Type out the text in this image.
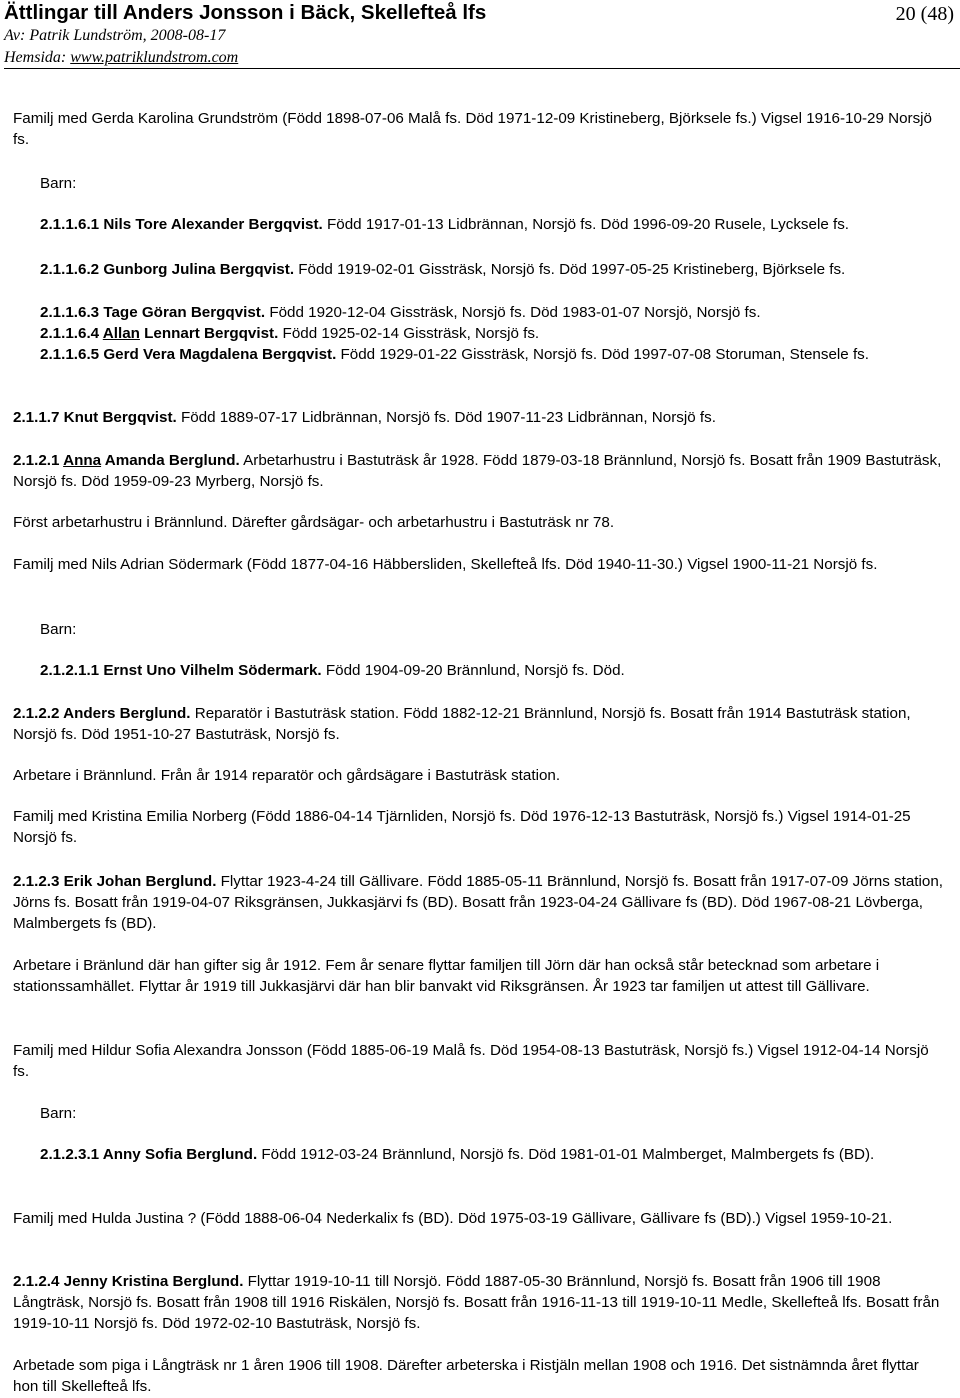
Ättlingar till Anders Jonsson i Bäck, Skellefteå lfs	20 (48)
Av: Patrik Lundström, 2008-08-17
Hemsida: www.patriklundstrom.com

Familj med Gerda Karolina Grundström (Född 1898-07-06 Malå fs. Död 1971-12-09 Kristineberg, Björksele fs.) Vigsel 1916-10-29 Norsjö fs.

Barn:

2.1.1.6.1 Nils Tore Alexander Bergqvist. Född 1917-01-13 Lidbrännan, Norsjö fs. Död 1996-09-20 Rusele, Lycksele fs.

2.1.1.6.2 Gunborg Julina Bergqvist. Född 1919-02-01 Gissträsk, Norsjö fs. Död 1997-05-25 Kristineberg, Björksele fs.

2.1.1.6.3 Tage Göran Bergqvist. Född 1920-12-04 Gissträsk, Norsjö fs. Död 1983-01-07 Norsjö, Norsjö fs.

2.1.1.6.4 Allan Lennart Bergqvist. Född 1925-02-14 Gissträsk, Norsjö fs.

2.1.1.6.5 Gerd Vera Magdalena Bergqvist. Född 1929-01-22 Gissträsk, Norsjö fs. Död 1997-07-08 Storuman, Stensele fs.

2.1.1.7 Knut Bergqvist. Född 1889-07-17 Lidbrännan, Norsjö fs. Död 1907-11-23 Lidbrännan, Norsjö fs.

2.1.2.1 Anna Amanda Berglund. Arbetarhustru i Bastuträsk år 1928. Född 1879-03-18 Brännlund, Norsjö fs. Bosatt från 1909 Bastuträsk, Norsjö fs. Död 1959-09-23 Myrberg, Norsjö fs.

Först arbetarhustru i Brännlund. Därefter gårdsägar- och arbetarhustru i Bastuträsk nr 78.

Familj med Nils Adrian Södermark (Född 1877-04-16 Häbbersliden, Skellefteå lfs. Död 1940-11-30.) Vigsel 1900-11-21 Norsjö fs.

Barn:

2.1.2.1.1 Ernst Uno Vilhelm Södermark. Född 1904-09-20 Brännlund, Norsjö fs. Död.

2.1.2.2 Anders Berglund. Reparatör i Bastuträsk station. Född 1882-12-21 Brännlund, Norsjö fs. Bosatt från 1914 Bastuträsk station, Norsjö fs. Död 1951-10-27 Bastuträsk, Norsjö fs.

Arbetare i Brännlund. Från år 1914 reparatör och gårdsägare i Bastuträsk station.

Familj med Kristina Emilia Norberg (Född 1886-04-14 Tjärnliden, Norsjö fs. Död 1976-12-13 Bastuträsk, Norsjö fs.) Vigsel 1914-01-25 Norsjö fs.

2.1.2.3 Erik Johan Berglund. Flyttar 1923-4-24 till Gällivare. Född 1885-05-11 Brännlund, Norsjö fs. Bosatt från 1917-07-09 Jörns station, Jörns fs. Bosatt från 1919-04-07 Riksgränsen, Jukkasjärvi fs (BD). Bosatt från 1923-04-24 Gällivare fs (BD). Död 1967-08-21 Lövberga, Malmbergets fs (BD).

Arbetare i Bränlund där han gifter sig år 1912. Fem år senare flyttar familjen till Jörn där han också står betecknad som arbetare i stationssamhället. Flyttar år 1919 till Jukkasjärvi där han blir banvakt vid Riksgränsen. År 1923 tar familjen ut attest till Gällivare.

Familj med Hildur Sofia Alexandra Jonsson (Född 1885-06-19 Malå fs. Död 1954-08-13 Bastuträsk, Norsjö fs.) Vigsel 1912-04-14 Norsjö fs.

Barn:

2.1.2.3.1 Anny Sofia Berglund. Född 1912-03-24 Brännlund, Norsjö fs. Död 1981-01-01 Malmberget, Malmbergets fs (BD).

Familj med Hulda Justina ? (Född 1888-06-04 Nederkalix fs (BD). Död 1975-03-19 Gällivare, Gällivare fs (BD).) Vigsel 1959-10-21.

2.1.2.4 Jenny Kristina Berglund. Flyttar 1919-10-11 till Norsjö. Född 1887-05-30 Brännlund, Norsjö fs. Bosatt från 1906 till 1908 Långträsk, Norsjö fs. Bosatt från 1908 till 1916 Riskälen, Norsjö fs. Bosatt från 1916-11-13 till 1919-10-11 Medle, Skellefteå lfs. Bosatt från 1919-10-11 Norsjö fs. Död 1972-02-10 Bastuträsk, Norsjö fs.

Arbetade som piga i Långträsk nr 1 åren 1906 till 1908. Därefter arbeterska i Ristjäln mellan 1908 och 1916. Det sistnämnda året flyttar hon till Skellefteå lfs.
